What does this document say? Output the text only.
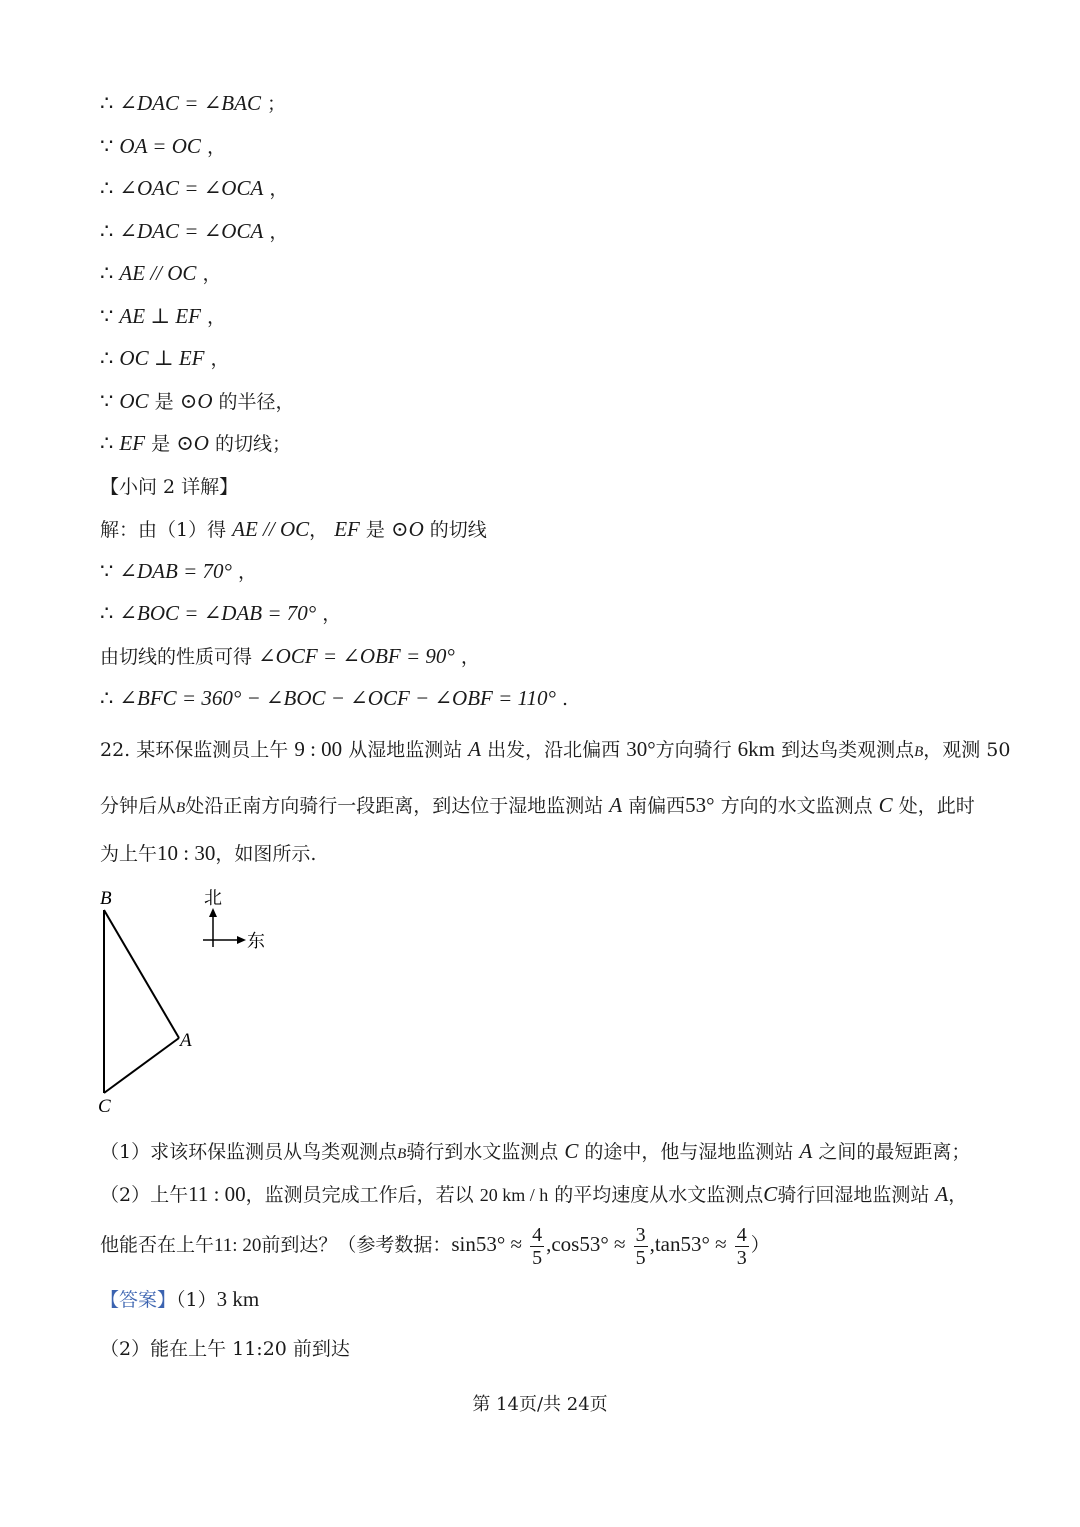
∴ ∠DAC = ∠BAC ；
∵ OA = OC ，
∴ ∠OAC = ∠OCA ，
∴ ∠DAC = ∠OCA ，
∴ AE // OC ，
∵ AE ⊥ EF ，
∴ OC ⊥ EF ，
∵ OC 是 ⊙O 的半径，
∴ EF 是 ⊙O 的切线；
【小问 2 详解】
解：由（1）得 AE // OC， EF 是 ⊙O 的切线
∵ ∠DAB = 70° ，
∴ ∠BOC = ∠DAB = 70° ，
由切线的性质可得 ∠OCF = ∠OBF = 90° ，
∴ ∠BFC = 360° − ∠BOC − ∠OCF − ∠OBF = 110° .
22. 某环保监测员上午 9 : 00 从湿地监测站 A 出发，沿北偏西 30°方向骑行 6km 到达鸟类观测点B，观测 50
分钟后从B处沿正南方向骑行一段距离，到达位于湿地监测站 A 南偏西53° 方向的水文监测点 C 处，此时
为上午10 : 30，如图所示.
B
A
C
北
东
（1）求该环保监测员从鸟类观测点B骑行到水文监测点 C 的途中，他与湿地监测站 A 之间的最短距离；
（2）上午11 : 00，监测员完成工作后，若以 20 km / h 的平均速度从水文监测点C骑行回湿地监测站 A，
他能否在上午11: 20前到达？（参考数据：$\sin 53^\circ \approx \frac{4}{5} ,\cos 53^\circ \approx \frac{3}{5} ,\tan 53^\circ \approx \frac{4}{3}$ ）
【答案】（1）3 km
（2）能在上午 11:20 前到达
第 14页/共 24页
